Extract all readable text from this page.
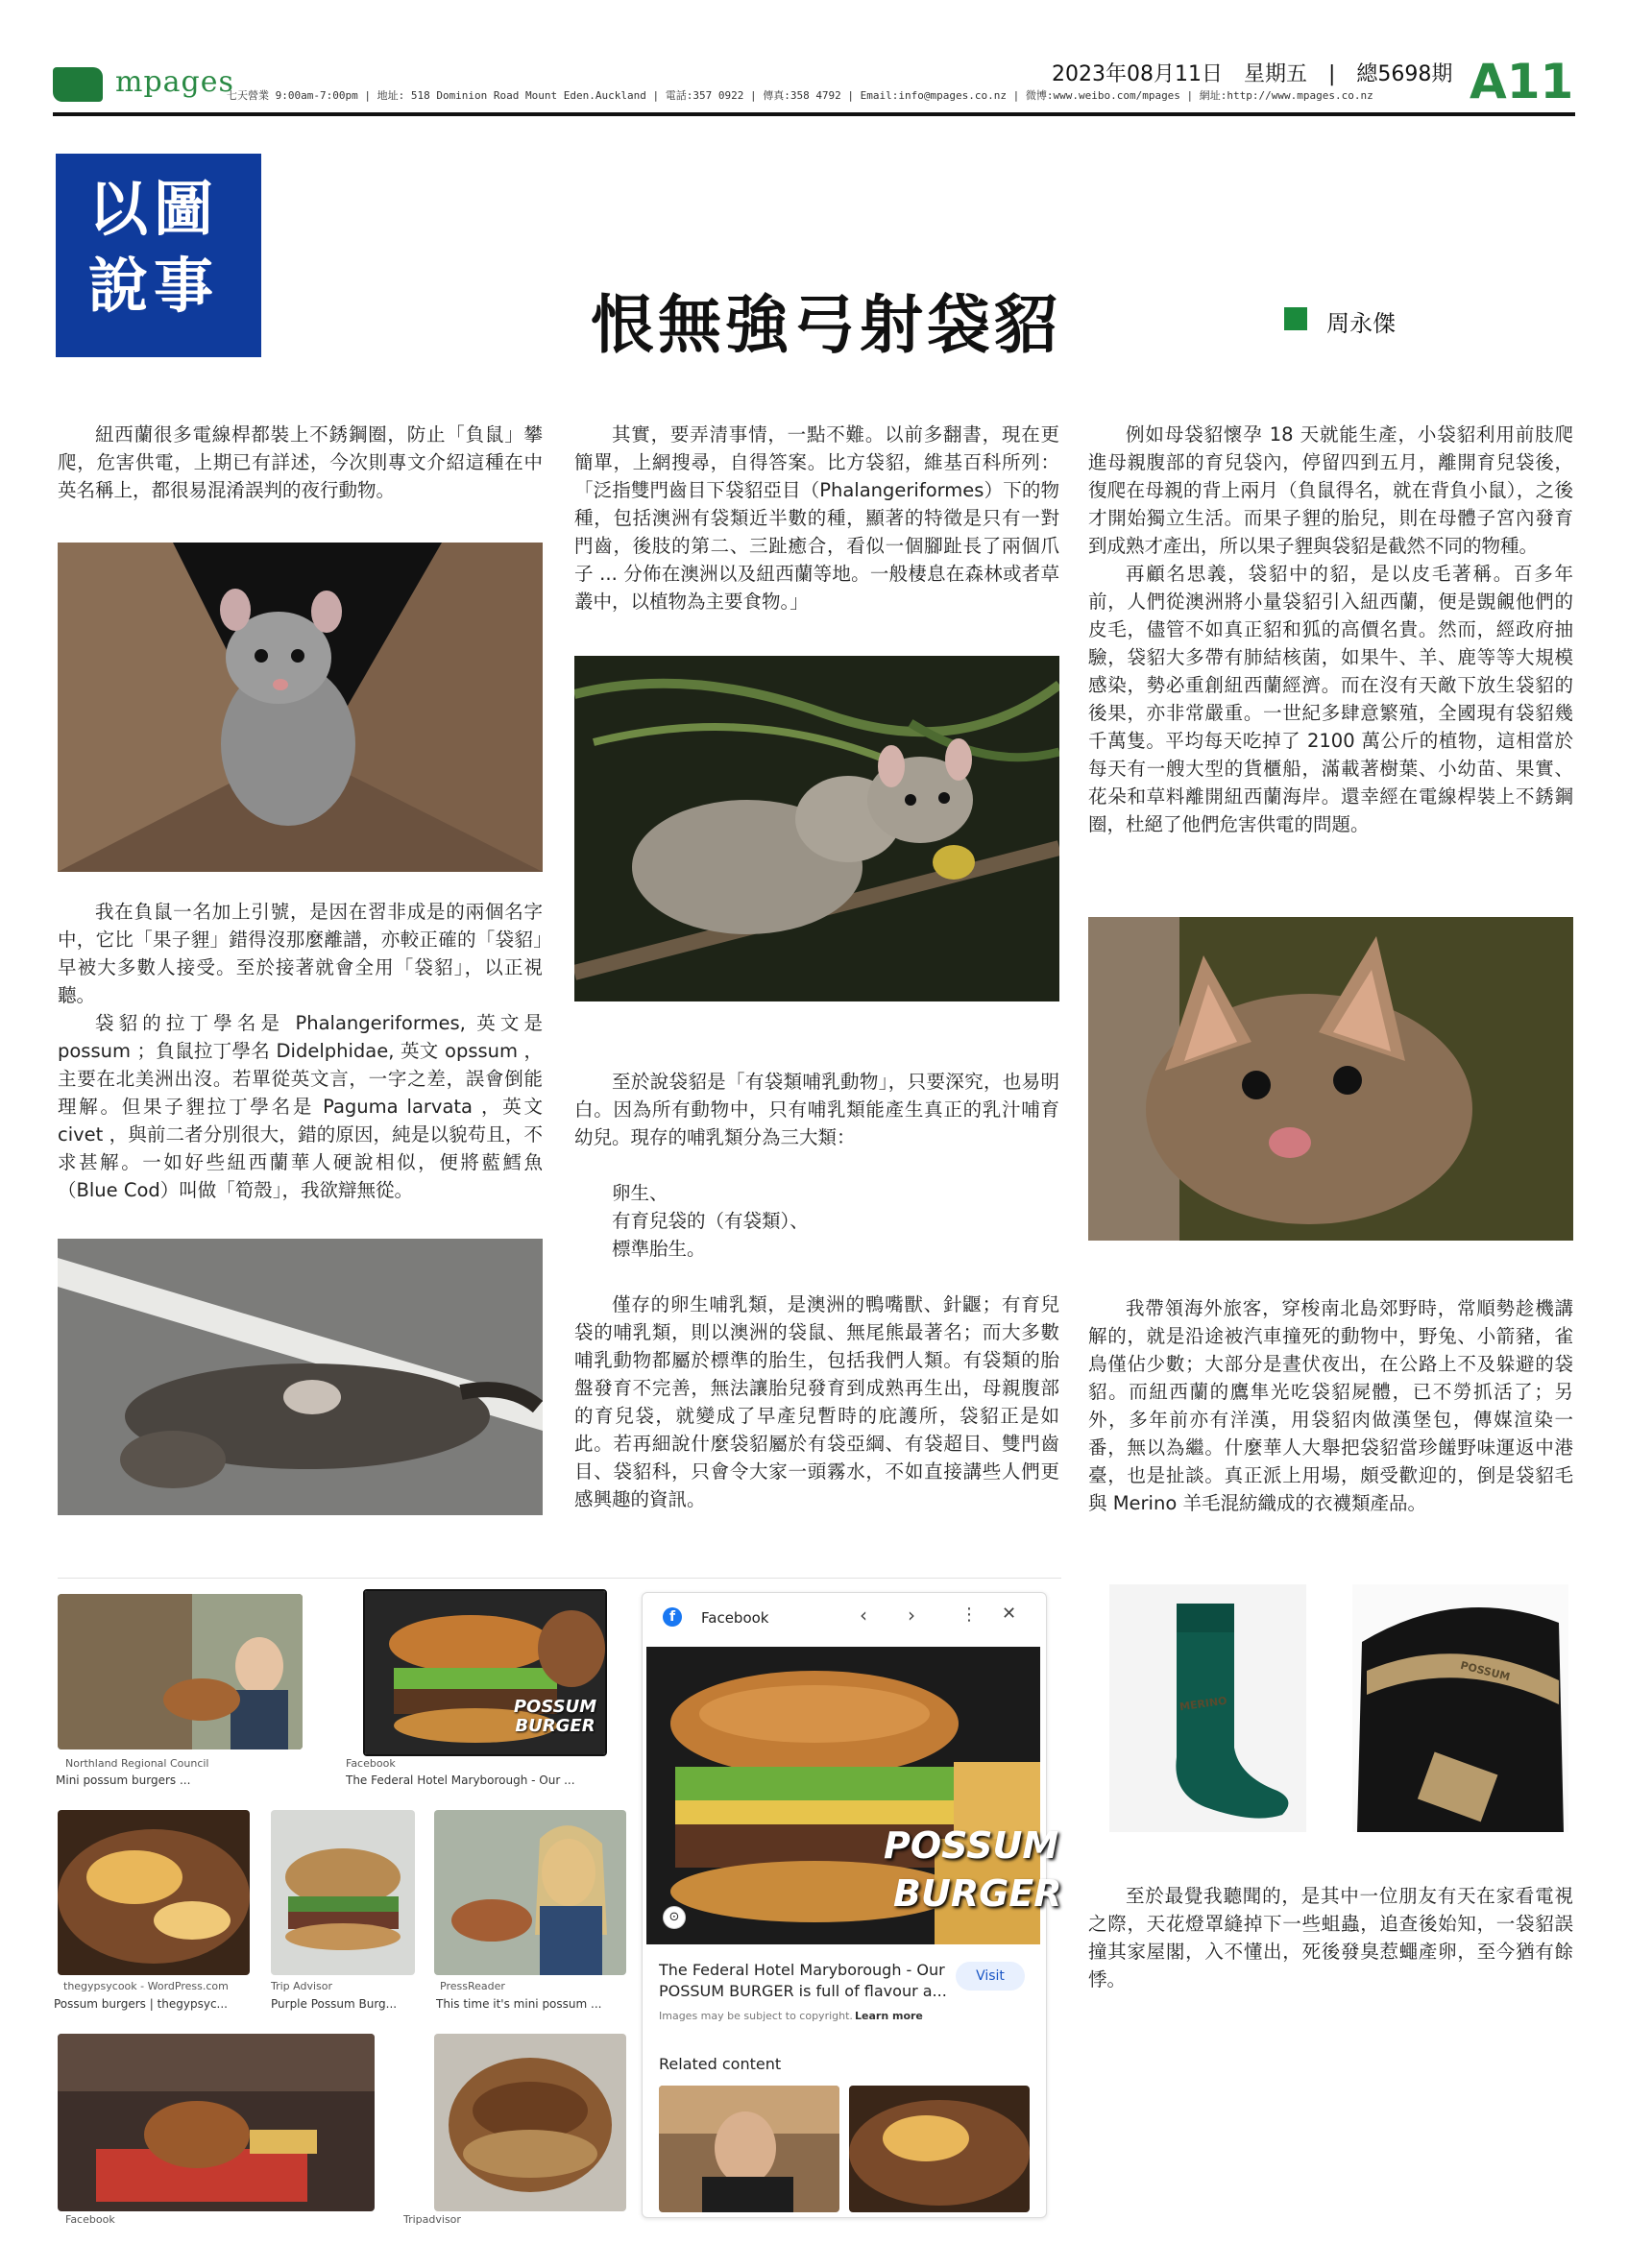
mpages
七天營業 9:00am-7:00pm | 地址: 518 Dominion Road Mount Eden.Auckland | 電話:357 0922 | 傳真:358 4792 | Email:info@mpages.co.nz | 微博:www.weibo.com/mpages | 網址:http://www.mpages.co.nz
2023年08月11日　星期五　|　總5698期 A11
以圖
說事
恨無強弓射袋貂	周永傑

紐西蘭很多電線桿都裝上不銹鋼圈，防止「負鼠」攀爬，危害供電，上期已有詳述，今次則專文介紹這種在中英名稱上，都很易混淆誤判的夜行動物。

我在負鼠一名加上引號，是因在習非成是的兩個名字中，它比「果子貍」錯得沒那麼離譜，亦較正確的「袋貂」早被大多數人接受。至於接著就會全用「袋貂」，以正視聽。

袋貂的拉丁學名是 Phalangeriformes, 英文是 possum ；負鼠拉丁學名 Didelphidae, 英文 opssum ，主要在北美洲出沒。若單從英文言，一字之差，誤會倒能理解。但果子貍拉丁學名是 Paguma larvata ，英文 civet ，與前二者分別很大，錯的原因，純是以貌苟且，不求甚解。一如好些紐西蘭華人硬說相似，便將藍鱈魚（Blue Cod）叫做「筍殼」，我欲辯無從。

其實，要弄清事情，一點不難。以前多翻書，現在更簡單，上網搜尋，自得答案。比方袋貂，維基百科所列：「泛指雙門齒目下袋貂亞目（Phalangeriformes）下的物種，包括澳洲有袋類近半數的種，顯著的特徵是只有一對門齒，後肢的第二、三趾癒合，看似一個腳趾長了兩個爪子 ... 分佈在澳洲以及紐西蘭等地。一般棲息在森林或者草叢中，以植物為主要食物。」

至於說袋貂是「有袋類哺乳動物」，只要深究，也易明白。因為所有動物中，只有哺乳類能產生真正的乳汁哺育幼兒。現存的哺乳類分為三大類：

卵生、

有育兒袋的（有袋類）、

標準胎生。

僅存的卵生哺乳類，是澳洲的鴨嘴獸、針鼴；有育兒袋的哺乳類，則以澳洲的袋鼠、無尾熊最著名；而大多數哺乳動物都屬於標準的胎生，包括我們人類。有袋類的胎盤發育不完善，無法讓胎兒發育到成熟再生出，母親腹部的育兒袋，就變成了早產兒暫時的庇護所，袋貂正是如此。若再細說什麼袋貂屬於有袋亞綱、有袋超目、雙門齒目、袋貂科，只會令大家一頭霧水，不如直接講些人們更感興趣的資訊。

例如母袋貂懷孕 18 天就能生產，小袋貂利用前肢爬進母親腹部的育兒袋內，停留四到五月，離開育兒袋後，復爬在母親的背上兩月（負鼠得名，就在背負小鼠），之後才開始獨立生活。而果子貍的胎兒，則在母體子宮內發育到成熟才產出，所以果子貍與袋貂是截然不同的物種。

再顧名思義，袋貂中的貂，是以皮毛著稱。百多年前，人們從澳洲將小量袋貂引入紐西蘭，便是覬覦他們的皮毛，儘管不如真正貂和狐的高價名貴。然而，經政府抽驗，袋貂大多帶有肺結核菌，如果牛、羊、鹿等等大規模感染，勢必重創紐西蘭經濟。而在沒有天敵下放生袋貂的後果，亦非常嚴重。一世紀多肆意繁殖，全國現有袋貂幾千萬隻。平均每天吃掉了 2100 萬公斤的植物，這相當於每天有一艘大型的貨櫃船，滿載著樹葉、小幼苗、果實、花朵和草料離開紐西蘭海岸。還幸經在電線桿裝上不銹鋼圈，杜絕了他們危害供電的問題。

我帶領海外旅客，穿梭南北島郊野時，常順勢趁機講解的，就是沿途被汽車撞死的動物中，野兔、小箭豬，雀鳥僅佔少數；大部分是晝伏夜出，在公路上不及躲避的袋貂。而紐西蘭的鷹隼光吃袋貂屍體，已不勞抓活了；另外，多年前亦有洋漢，用袋貂肉做漢堡包，傳媒渲染一番，無以為繼。什麼華人大舉把袋貂當珍饈野味運返中港臺，也是扯談。真正派上用場，頗受歡迎的，倒是袋貂毛與 Merino 羊毛混紡織成的衣襪類產品。

MERINO
POSSUM

至於最覺我聽聞的，是其中一位朋友有天在家看電視之際，天花燈罩縫掉下一些蛆蟲，追查後始知，一袋貂誤撞其家屋閣，入不懂出，死後發臭惹蠅產卵，至今猶有餘悸。

Northland Regional Council
Mini possum burgers ...
POSSUM BURGER
Facebook
The Federal Hotel Maryborough - Our ...
thegypsycook - WordPress.com
Possum burgers | thegypsyc...
Trip Advisor
Purple Possum Burg...
PressReader
This time it's mini possum ...
Facebook	Tripadvisor
f	Facebook	‹ ›	⋮ ✕
POSSUM
BURGER
⊙
The Federal Hotel Maryborough - Our
POSSUM BURGER is full of flavour a...
Visit
Images may be subject to copyright. Learn more
Related content
